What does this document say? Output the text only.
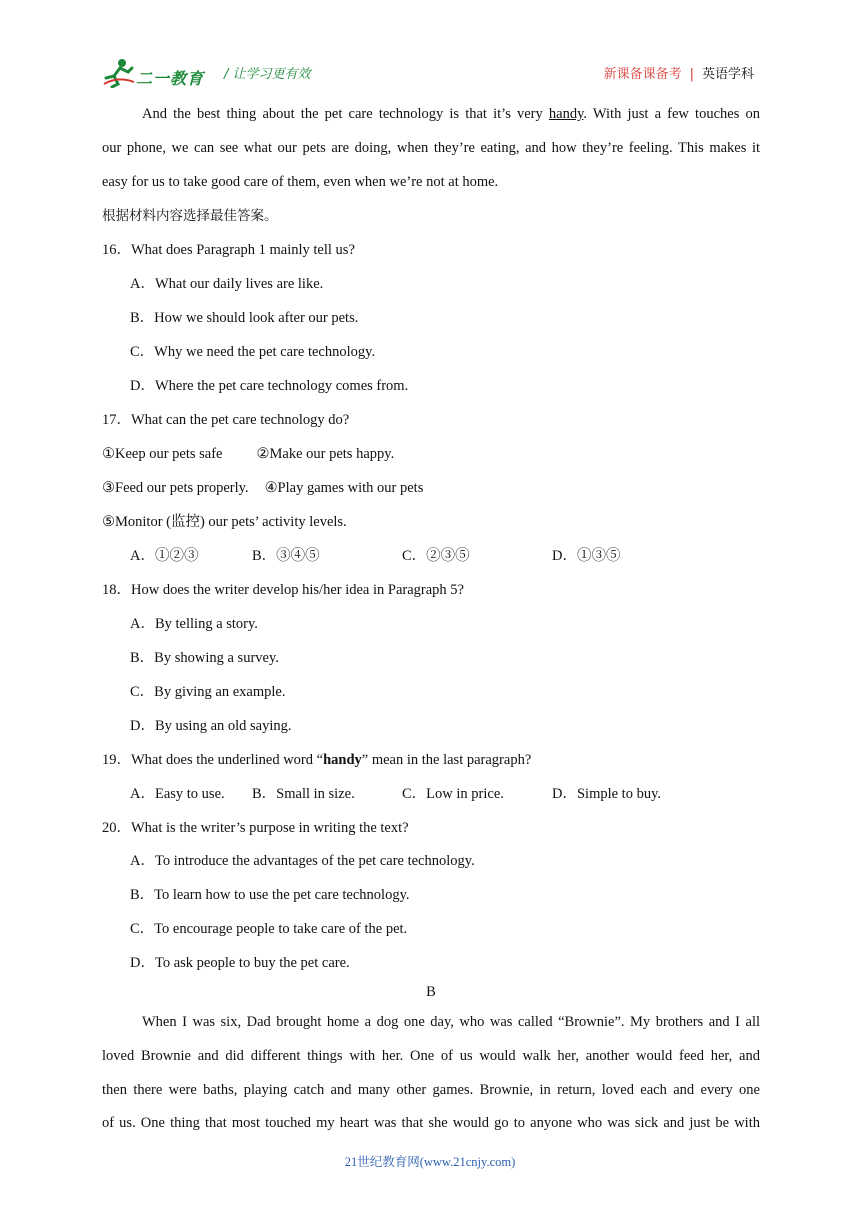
二一教育 / 让学习更有效	新课备课备考 | 英语学科
And the best thing about the pet care technology is that it’s very handy. With just a few touches on
our phone, we can see what our pets are doing, when they’re eating, and how they’re feeling. This makes it
easy for us to take good care of them, even when we’re not at home.
根据材料内容选择最佳答案。
16．What does Paragraph 1 mainly tell us?
A．What our daily lives are like.
B．How we should look after our pets.
C．Why we need the pet care technology.
D．Where the pet care technology comes from.
17．What can the pet care technology do?
①Keep our pets safe ②Make our pets happy.
③Feed our pets properly. ④Play games with our pets
⑤Monitor (监控) our pets’ activity levels.
A．①②③	B．③④⑤	C．②③⑤	D．①③⑤
18．How does the writer develop his/her idea in Paragraph 5?
A．By telling a story.
B．By showing a survey.
C．By giving an example.
D．By using an old saying.
19．What does the underlined word “handy” mean in the last paragraph?
A．Easy to use. B．Small in size.	C．Low in price.	D．Simple to buy.
20．What is the writer’s purpose in writing the text?
A．To introduce the advantages of the pet care technology.
B．To learn how to use the pet care technology.
C．To encourage people to take care of the pet.
D．To ask people to buy the pet care.
B
When I was six, Dad brought home a dog one day, who was called “Brownie”. My brothers and I all
loved Brownie and did different things with her. One of us would walk her, another would feed her, and
then there were baths, playing catch and many other games. Brownie, in return, loved each and every one
of us. One thing that most touched my heart was that she would go to anyone who was sick and just be with
21世纪教育网(www.21cnjy.com)
